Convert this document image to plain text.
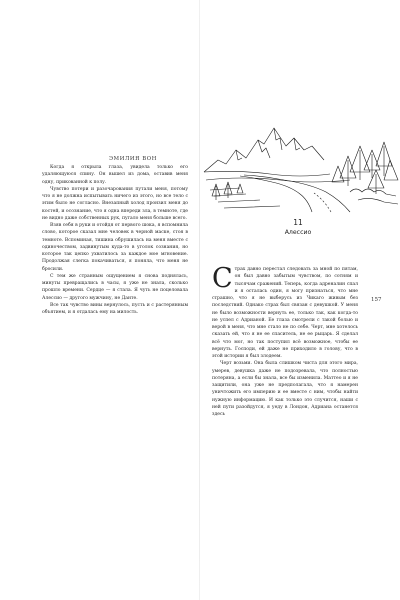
ЭМИЛИЯ ВОН

Когда я открыла глаза, увидела только его удаляющуюся спину. Он вышел из дома, оставив меня одну, прикованной к полу.

Чувство потери и разочарования путали меня, потому что я не должна испытывать ничего из этого, но все тело с этим было не согласно. Внезапный холод пронзил меня до костей, и осознание, что я одна впереди зла, в темноте, где не видно даже собственных рук, пугало меня больше всего.

Взяв себя в руки и отойдя от первого шока, я вспомнила слово, которое сказал мне человек в черной маске, стоя в темноте. Вспоминая, тишина обрушилась на меня вместе с одиночеством, задвинутым куда-то в уголок сознания, но которое так цепко ухватилось за каждое мое мгновение. Продолжая слегка покачиваться, я поняла, что меня не бросили.

С тем же странным ощущением я снова поднялась, минуты превращались в часы, я уже не знала, сколько прошло времени. Сердце — я стала. Я чуть не поцеловала Алессио — другого мужчину, не Данте.

Все так чувство вины вернулось, пусть и с растерянным объятием, и я отдалась ему на милость.

11
Алессио
157

Страх давно перестал следовать за мной по пятам, он был давно забытым чувством, по сотням и тысячам сражений. Теперь, когда адреналин спал и я осталась один, я могу признаться, что мне страшно, что я не выберусь из Чикаго живым без последствий. Однако страх был связан с девушкой. У меня не было возможности вернуть ее, только так, как когда-то не успел с Адрианой. Ее глаза смотрели с такой болью и верой в меня, что мне стало не по себе. Черт, мне хотелось сказать ей, что я не ее спаситель, не ее рыцарь. Я сделал всё что мог, но так поступил всё возможное, чтобы ее вернуть. Господи, ей даже не приходило в голову, что в этой истории я был злодеем.

Черт возьми. Она была слишком чиста для этого мира, умерев, девушка даже не подозревала, что полностью потеряна, а если бы знала, все бы изменила. Маттео и я не защитили, она уже не предполагала, что я намерен уничтожить его империю и ее вместе с ним, чтобы найти нужную информацию. И как только это случится, наши с ней пути разойдутся, я уеду в Лондон, Адриана останется здесь
